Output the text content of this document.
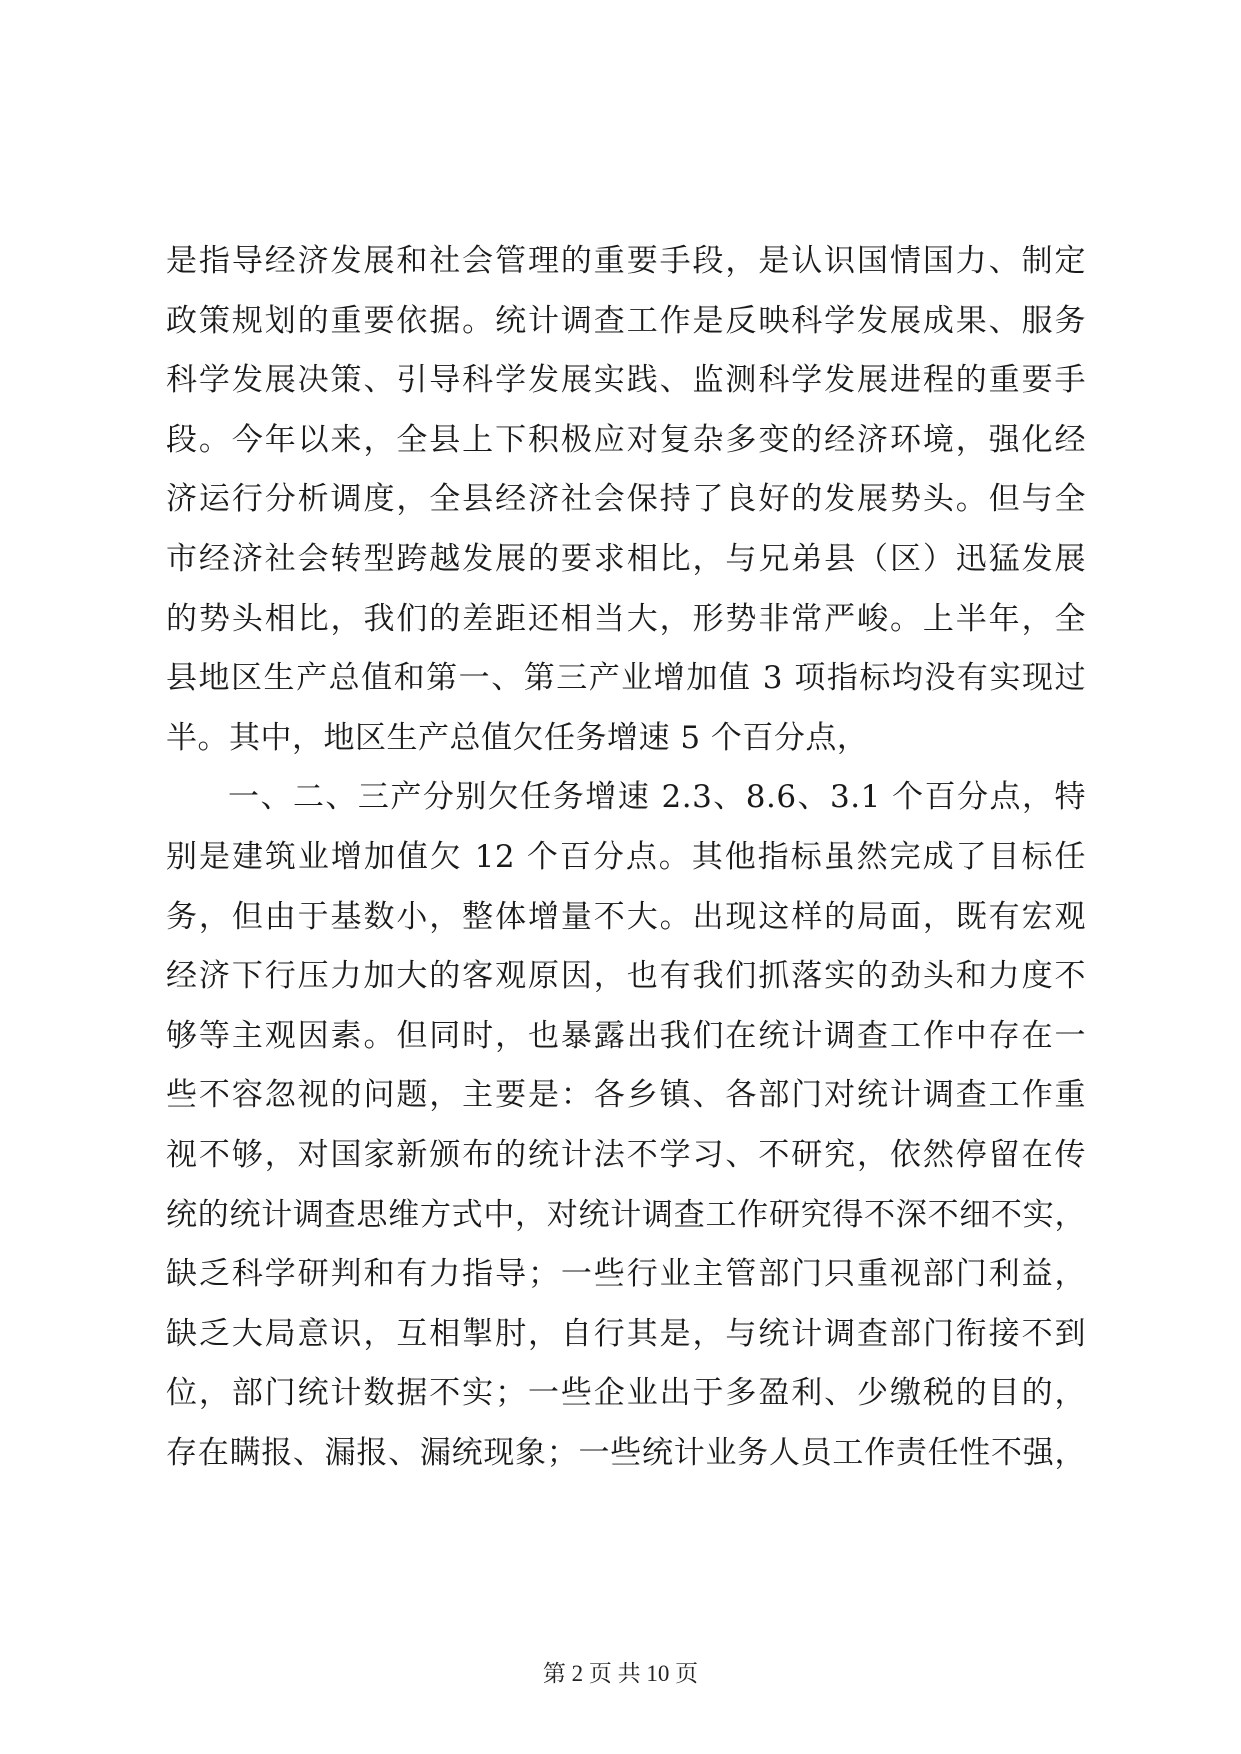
是指导经济发展和社会管理的重要手段，是认识国情国力、制定
政策规划的重要依据。统计调查工作是反映科学发展成果、服务
科学发展决策、引导科学发展实践、监测科学发展进程的重要手
段。今年以来，全县上下积极应对复杂多变的经济环境，强化经
济运行分析调度，全县经济社会保持了良好的发展势头。但与全
市经济社会转型跨越发展的要求相比，与兄弟县（区）迅猛发展
的势头相比，我们的差距还相当大，形势非常严峻。上半年，全
县地区生产总值和第一、第三产业增加值 3 项指标均没有实现过
半。其中，地区生产总值欠任务增速 5 个百分点，
一、二、三产分别欠任务增速 2.3、8.6、3.1 个百分点，特
别是建筑业增加值欠 12 个百分点。其他指标虽然完成了目标任
务，但由于基数小，整体增量不大。出现这样的局面，既有宏观
经济下行压力加大的客观原因，也有我们抓落实的劲头和力度不
够等主观因素。但同时，也暴露出我们在统计调查工作中存在一
些不容忽视的问题，主要是：各乡镇、各部门对统计调查工作重
视不够，对国家新颁布的统计法不学习、不研究，依然停留在传
统的统计调查思维方式中，对统计调查工作研究得不深不细不实，
缺乏科学研判和有力指导；一些行业主管部门只重视部门利益，
缺乏大局意识，互相掣肘，自行其是，与统计调查部门衔接不到
位，部门统计数据不实；一些企业出于多盈利、少缴税的目的，
存在瞒报、漏报、漏统现象；一些统计业务人员工作责任性不强，
第 2 页 共 10 页
